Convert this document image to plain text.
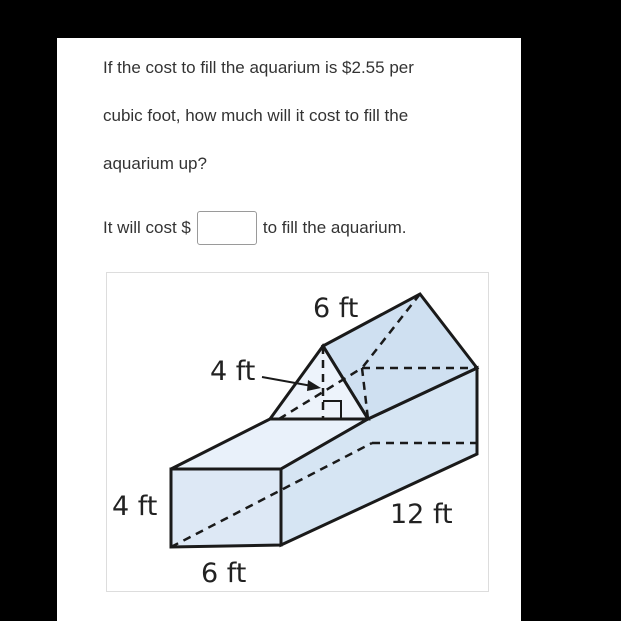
If the cost to fill the aquarium is $2.55 per
cubic foot, how much will it cost to fill the
aquarium up?
It will cost $	to fill the aquarium.
6 ft
4 ft
4 ft
6 ft
12 ft
